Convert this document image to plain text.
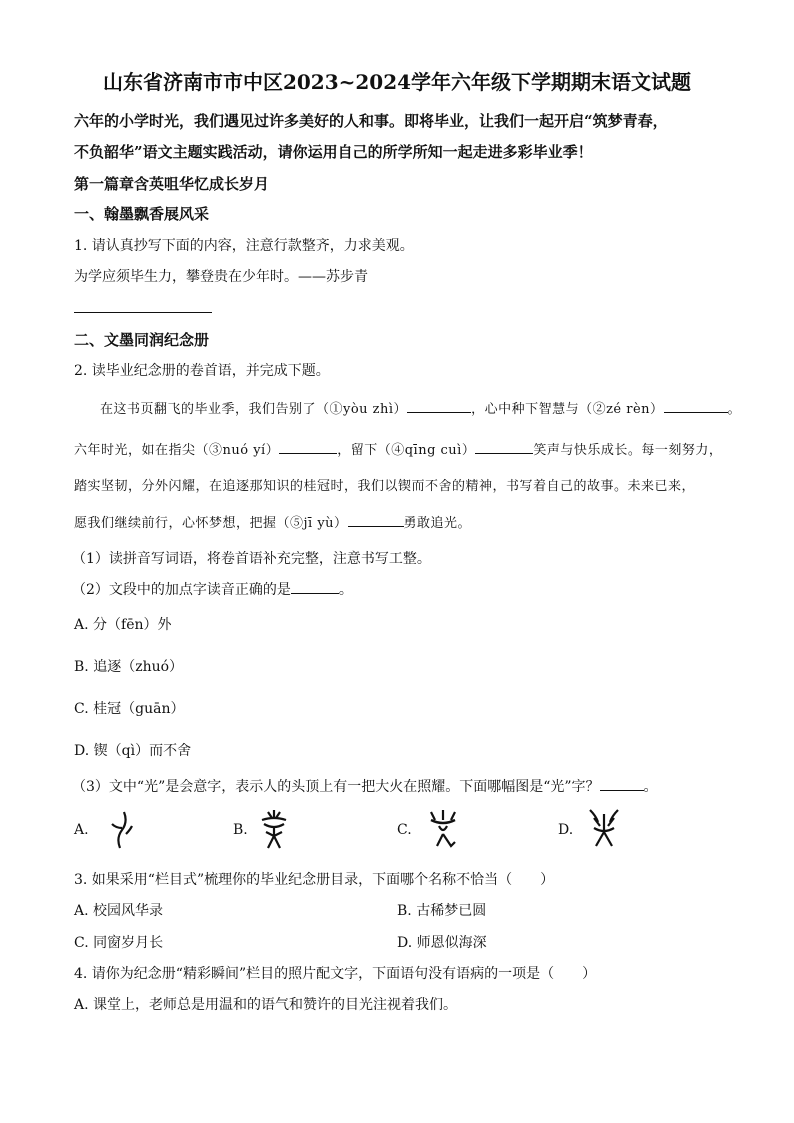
山东省济南市市中区2023~2024学年六年级下学期期末语文试题
六年的小学时光，我们遇见过许多美好的人和事。即将毕业，让我们一起开启“筑梦青春，
不负韶华”语文主题实践活动，请你运用自己的所学所知一起走进多彩毕业季！
第一篇章含英咀华忆成长岁月
一、翰墨飘香展风采
1. 请认真抄写下面的内容，注意行款整齐，力求美观。
为学应须毕生力，攀登贵在少年时。——苏步青
二、文墨同润纪念册
2. 读毕业纪念册的卷首语，并完成下题。
在这书页翻飞的毕业季，我们告别了（①yòu zhì）	，心中种下智慧与（②zé rèn）	。
六年时光，如在指尖（③nuó yí）	，留下（④qīng cuì）	笑声与快乐成长。每一刻努力，
踏实坚韧，分外闪耀，在追逐那知识的桂冠时，我们以锲而不舍的精神，书写着自己的故事。未来已来，
愿我们继续前行，心怀梦想，把握（⑤jī yù）	勇敢追光。
（1）读拼音写词语，将卷首语补充完整，注意书写工整。
（2）文段中的加点字读音正确的是	。
A. 分（fēn）外
B. 追逐（zhuó）
C. 桂冠（guān）
D. 锲（qì）而不舍
（3）文中“光”是会意字，表示人的头顶上有一把大火在照耀。下面哪幅图是“光”字？	。
A.	B.	C.	D.
3. 如果采用“栏目式”梳理你的毕业纪念册目录，下面哪个名称不恰当（　　）
A. 校园风华录	B. 古稀梦已圆
C. 同窗岁月长	D. 师恩似海深
4. 请你为纪念册“精彩瞬间”栏目的照片配文字，下面语句没有语病的一项是（　　）
A. 课堂上，老师总是用温和的语气和赞许的目光注视着我们。
